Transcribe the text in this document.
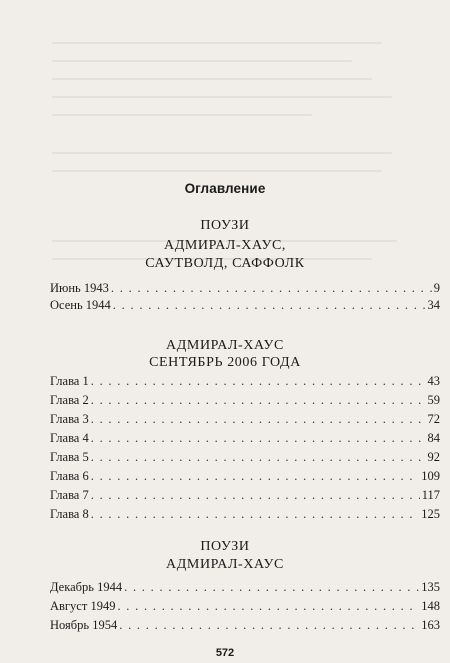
Оглавление
ПОУЗИ
АДМИРАЛ-ХАУС,
САУТВОЛД, САФФОЛК
Июнь 1943 . . .	9
Осень 1944 . . .	34
АДМИРАЛ-ХАУС
СЕНТЯБРЬ 2006 ГОДА
Глава 1 . . .	43
Глава 2 . . .	59
Глава 3 . . .	72
Глава 4 . . .	84
Глава 5 . . .	92
Глава 6 . . .	109
Глава 7 . . .	117
Глава 8 . . .	125
ПОУЗИ
АДМИРАЛ-ХАУС
Декабрь 1944 . . .	135
Август 1949 . . .	148
Ноябрь 1954 . . .	163
572
